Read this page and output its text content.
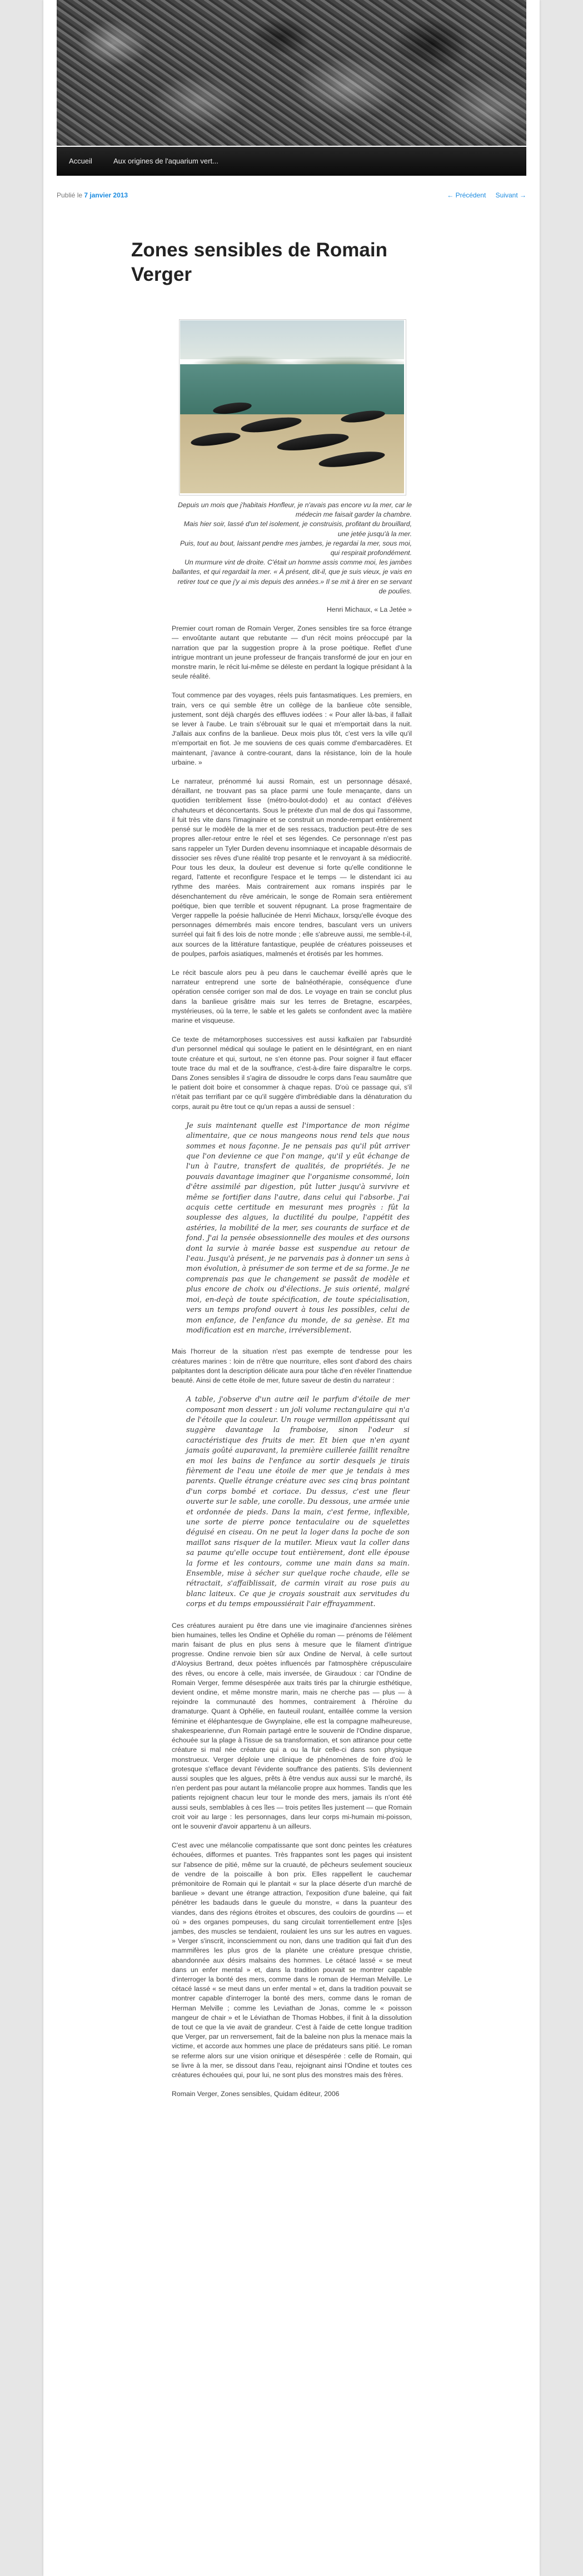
Accueil	Aux origines de l'aquarium vert...
Publié le 7 janvier 2013	← Précédent Suivant →
Zones sensibles de Romain Verger

Depuis un mois que j'habitais Honfleur, je n'avais pas encore vu la mer, car le médecin me faisait garder la chambre.

Mais hier soir, lassé d'un tel isolement, je construisis, profitant du brouillard, une jetée jusqu'à la mer.

Puis, tout au bout, laissant pendre mes jambes, je regardai la mer, sous moi, qui respirait profondément.

Un murmure vint de droite. C'était un homme assis comme moi, les jambes ballantes, et qui regardait la mer. « À présent, dit-il, que je suis vieux, je vais en retirer tout ce que j'y ai mis depuis des années.» Il se mit à tirer en se servant de poulies.

Henri Michaux, « La Jetée »

Premier court roman de Romain Verger, Zones sensibles tire sa force étrange — envoûtante autant que rebutante — d'un récit moins préoccupé par la narration que par la suggestion propre à la prose poétique. Reflet d'une intrigue montrant un jeune professeur de français transformé de jour en jour en monstre marin, le récit lui-même se déleste en perdant la logique présidant à la seule réalité.

Tout commence par des voyages, réels puis fantasmatiques. Les premiers, en train, vers ce qui semble être un collège de la banlieue côte sensible, justement, sont déjà chargés des effluves iodées : « Pour aller là-bas, il fallait se lever à l'aube. Le train s'ébrouait sur le quai et m'emportait dans la nuit. J'allais aux confins de la banlieue. Deux mois plus tôt, c'est vers la ville qu'il m'emportait en fiot. Je me souviens de ces quais comme d'embarcadères. Et maintenant, j'avance à contre-courant, dans la résistance, loin de la houle urbaine. »

Le narrateur, prénommé lui aussi Romain, est un personnage désaxé, déraillant, ne trouvant pas sa place parmi une foule menaçante, dans un quotidien terriblement lisse (métro-boulot-dodo) et au contact d'élèves chahuteurs et déconcertants. Sous le prétexte d'un mal de dos qui l'assomme, il fuit très vite dans l'imaginaire et se construit un monde-rempart entièrement pensé sur le modèle de la mer et de ses ressacs, traduction peut-être de ses propres aller-retour entre le réel et ses légendes. Ce personnage n'est pas sans rappeler un Tyler Durden devenu insomniaque et incapable désormais de dissocier ses rêves d'une réalité trop pesante et le renvoyant à sa médiocrité. Pour tous les deux, la douleur est devenue si forte qu'elle conditionne le regard, l'attente et reconfigure l'espace et le temps — le distendant ici au rythme des marées. Mais contrairement aux romans inspirés par le désenchantement du rêve américain, le songe de Romain sera entièrement poétique, bien que terrible et souvent répugnant. La prose fragmentaire de Verger rappelle la poésie hallucinée de Henri Michaux, lorsqu'elle évoque des personnages démembrés mais encore tendres, basculant vers un univers surréel qui fait fi des lois de notre monde ; elle s'abreuve aussi, me semble-t-il, aux sources de la littérature fantastique, peuplée de créatures poisseuses et de poulpes, parfois asiatiques, malmenés et érotisés par les hommes.

Le récit bascule alors peu à peu dans le cauchemar éveillé après que le narrateur entreprend une sorte de balnéothérapie, conséquence d'une opération censée corriger son mal de dos. Le voyage en train se conclut plus dans la banlieue grisâtre mais sur les terres de Bretagne, escarpées, mystérieuses, où la terre, le sable et les galets se confondent avec la matière marine et visqueuse.

Ce texte de métamorphoses successives est aussi kafkaïen par l'absurdité d'un personnel médical qui soulage le patient en le désintégrant, en en niant toute créature et qui, surtout, ne s'en étonne pas. Pour soigner il faut effacer toute trace du mal et de la souffrance, c'est-à-dire faire disparaître le corps. Dans Zones sensibles il s'agira de dissoudre le corps dans l'eau saumâtre que le patient doit boire et consommer à chaque repas. D'où ce passage qui, s'il n'était pas terrifiant par ce qu'il suggère d'imbrédiable dans la dénaturation du corps, aurait pu être tout ce qu'un repas a aussi de sensuel :

Je suis maintenant quelle est l'importance de mon régime alimentaire, que ce nous mangeons nous rend tels que nous sommes et nous façonne. Je ne pensais pas qu'il pût arriver que l'on devienne ce que l'on mange, qu'il y eût échange de l'un à l'autre, transfert de qualités, de propriétés. Je ne pouvais davantage imaginer que l'organisme consommé, loin d'être assimilé par digestion, pût lutter jusqu'à survivre et même se fortifier dans l'autre, dans celui qui l'absorbe. J'ai acquis cette certitude en mesurant mes progrès : fût la souplesse des algues, la ductilité du poulpe, l'appétit des astéries, la mobilité de la mer, ses courants de surface et de fond. J'ai la pensée obsessionnelle des moules et des oursons dont la survie à marée basse est suspendue au retour de l'eau. Jusqu'à présent, je ne parvenais pas à donner un sens à mon évolution, à présumer de son terme et de sa forme. Je ne comprenais pas que le changement se passât de modèle et plus encore de choix ou d'élections. Je suis orienté, malgré moi, en-deçà de toute spécification, de toute spécialisation, vers un temps profond ouvert à tous les possibles, celui de mon enfance, de l'enfance du monde, de sa genèse. Et ma modification est en marche, irréversiblement.

Mais l'horreur de la situation n'est pas exempte de tendresse pour les créatures marines : loin de n'être que nourriture, elles sont d'abord des chairs palpitantes dont la description délicate aura pour tâche d'en révéler l'inattendue beauté. Ainsi de cette étoile de mer, future saveur de destin du narrateur :

A table, j'observe d'un autre œil le parfum d'étoile de mer composant mon dessert : un joli volume rectangulaire qui n'a de l'étoile que la couleur. Un rouge vermillon appétissant qui suggère davantage la framboise, sinon l'odeur si caractéristique des fruits de mer. Et bien que n'en ayant jamais goûté auparavant, la première cuillerée faillit renaître en moi les bains de l'enfance au sortir desquels je tirais fièrement de l'eau une étoile de mer que je tendais à mes parents. Quelle étrange créature avec ses cinq bras pointant d'un corps bombé et coriace. Du dessus, c'est une fleur ouverte sur le sable, une corolle. Du dessous, une armée unie et ordonnée de pieds. Dans la main, c'est ferme, inflexible, une sorte de pierre ponce tentaculaire ou de squelettes déguisé en ciseau. On ne peut la loger dans la poche de son maillot sans risquer de la mutiler. Mieux vaut la coller dans sa paume qu'elle occupe tout entièrement, dont elle épouse la forme et les contours, comme une main dans sa main. Ensemble, mise à sécher sur quelque roche chaude, elle se rétractait, s'affaiblissait, de carmin virait au rose puis au blanc laiteux. Ce que je croyais soustrait aux servitudes du corps et du temps empoussiérait l'air effrayamment.

Ces créatures auraient pu être dans une vie imaginaire d'anciennes sirènes bien humaines, telles les Ondine et Ophélie du roman — prénoms de l'élément marin faisant de plus en plus sens à mesure que le filament d'intrigue progresse. Ondine renvoie bien sûr aux Ondine de Nerval, à celle surtout d'Aloysius Bertrand, deux poètes influencés par l'atmosphère crépusculaire des rêves, ou encore à celle, mais inversée, de Giraudoux : car l'Ondine de Romain Verger, femme désespérée aux traits tirés par la chirurgie esthétique, devient ondine, et même monstre marin, mais ne cherche pas — plus — à rejoindre la communauté des hommes, contrairement à l'héroïne du dramaturge. Quant à Ophélie, en fauteuil roulant, entaillée comme la version féminine et éléphantesque de Gwynplaine, elle est la compagne malheureuse, shakespearienne, d'un Romain partagé entre le souvenir de l'Ondine disparue, échouée sur la plage à l'issue de sa transformation, et son attirance pour cette créature si mal née créature qui a ou la fuir celle-ci dans son physique monstrueux. Verger déploie une clinique de phénomènes de foire d'où le grotesque s'efface devant l'évidente souffrance des patients. S'ils deviennent aussi souples que les algues, prêts à être vendus aux aussi sur le marché, ils n'en perdent pas pour autant la mélancolie propre aux hommes. Tandis que les patients rejoignent chacun leur tour le monde des mers, jamais ils n'ont été aussi seuls, semblables à ces îles — trois petites îles justement — que Romain croit voir au large : les personnages, dans leur corps mi-humain mi-poisson, ont le souvenir d'avoir appartenu à un ailleurs.

C'est avec une mélancolie compatissante que sont donc peintes les créatures échouées, difformes et puantes. Très frappantes sont les pages qui insistent sur l'absence de pitié, même sur la cruauté, de pêcheurs seulement soucieux de vendre de la poiscaille à bon prix. Elles rappellent le cauchemar prémonitoire de Romain qui le plantait « sur la place déserte d'un marché de banlieue » devant une étrange attraction, l'exposition d'une baleine, qui fait pénétrer les badauds dans le gueule du monstre, « dans la puanteur des viandes, dans des régions étroites et obscures, des couloirs de gourdins — et où » des organes pompeuses, du sang circulait torrentiellement entre [s]es jambes, des muscles se tendaient, roulaient les uns sur les autres en vagues. » Verger s'inscrit, inconsciemment ou non, dans une tradition qui fait d'un des mammifères les plus gros de la planète une créature presque christie, abandonnée aux désirs malsains des hommes. Le cétacé lassé « se meut dans un enfer mental » et, dans la tradition pouvait se montrer capable d'interroger la bonté des mers, comme dans le roman de Herman Melville. Le cétacé lassé « se meut dans un enfer mental » et, dans la tradition pouvait se montrer capable d'interroger la bonté des mers, comme dans le roman de Herman Melville ; comme les Leviathan de Jonas, comme le « poisson mangeur de chair » et le Léviathan de Thomas Hobbes, il finit à la dissolution de tout ce que la vie avait de grandeur. C'est à l'aide de cette longue tradition que Verger, par un renversement, fait de la baleine non plus la menace mais la victime, et accorde aux hommes une place de prédateurs sans pitié. Le roman se referme alors sur une vision onirique et désespérée : celle de Romain, qui se livre à la mer, se dissout dans l'eau, rejoignant ainsi l'Ondine et toutes ces créatures échouées qui, pour lui, ne sont plus des monstres mais des frères.

Romain Verger, Zones sensibles, Quidam éditeur, 2006
